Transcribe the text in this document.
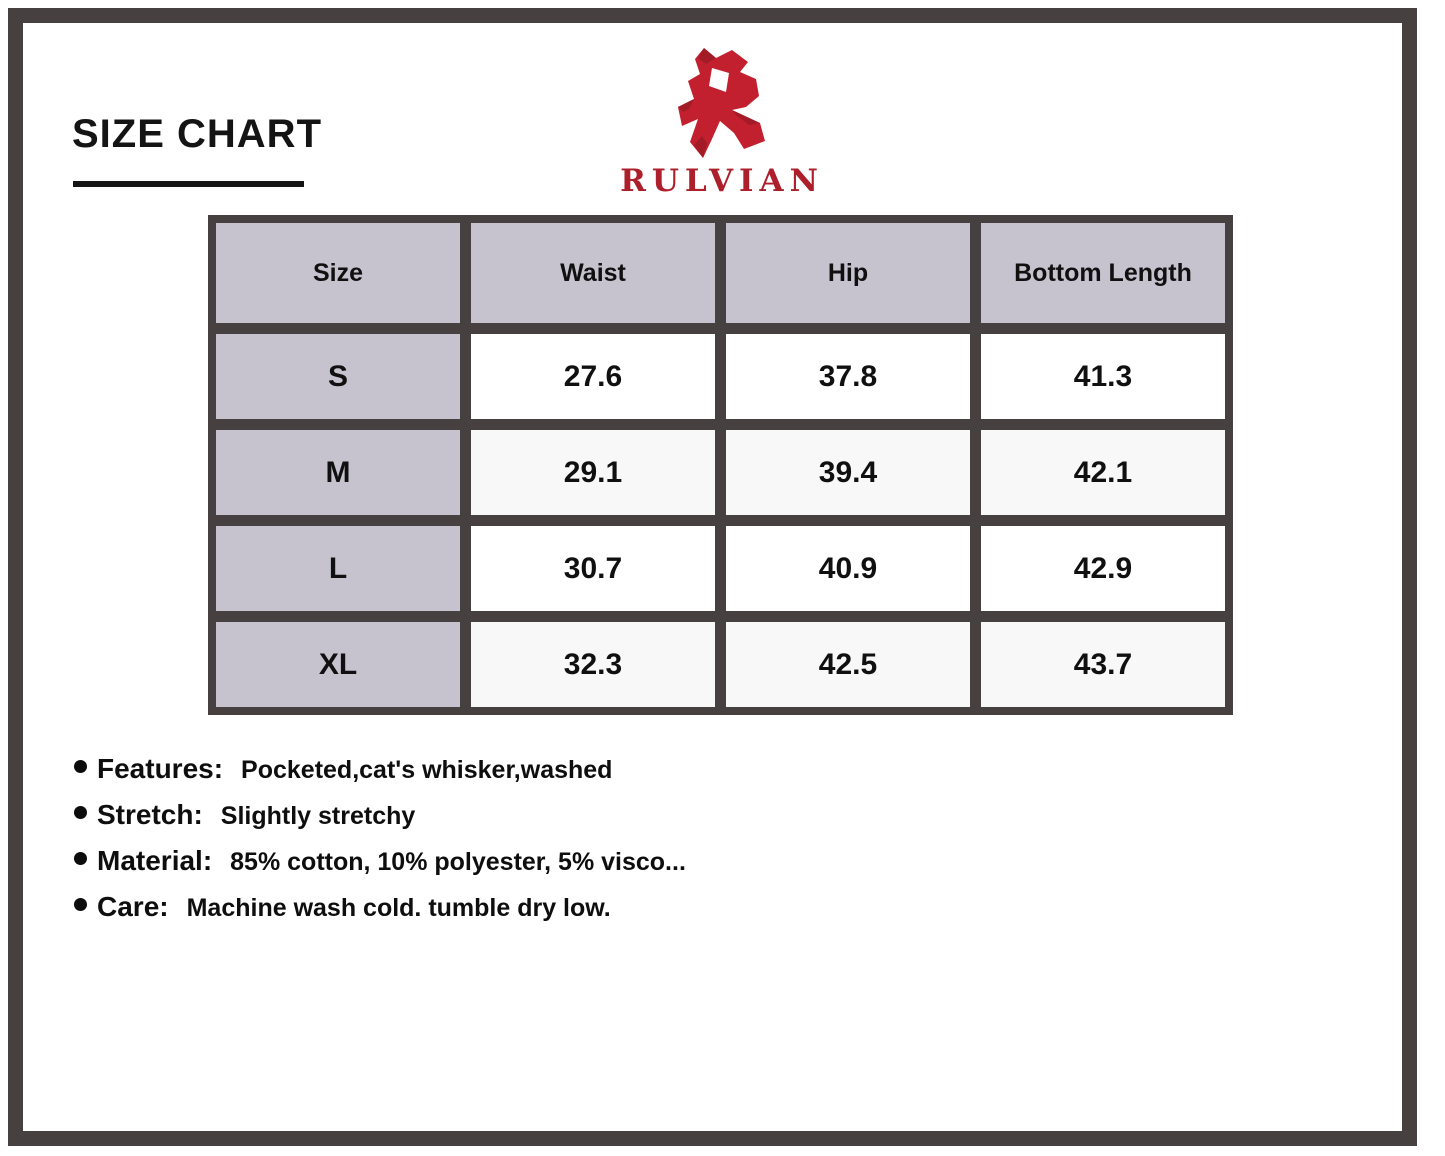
SIZE CHART
RULVIAN
Size	Waist	Hip	Bottom Length
S	27.6	37.8	41.3
M	29.1	39.4	42.1
L	30.7	40.9	42.9
XL	32.3	42.5	43.7
Features: Pocketed,cat's whisker,washed
Stretch: Slightly stretchy
Material: 85% cotton, 10% polyester, 5% visco...
Care: Machine wash cold. tumble dry low.
